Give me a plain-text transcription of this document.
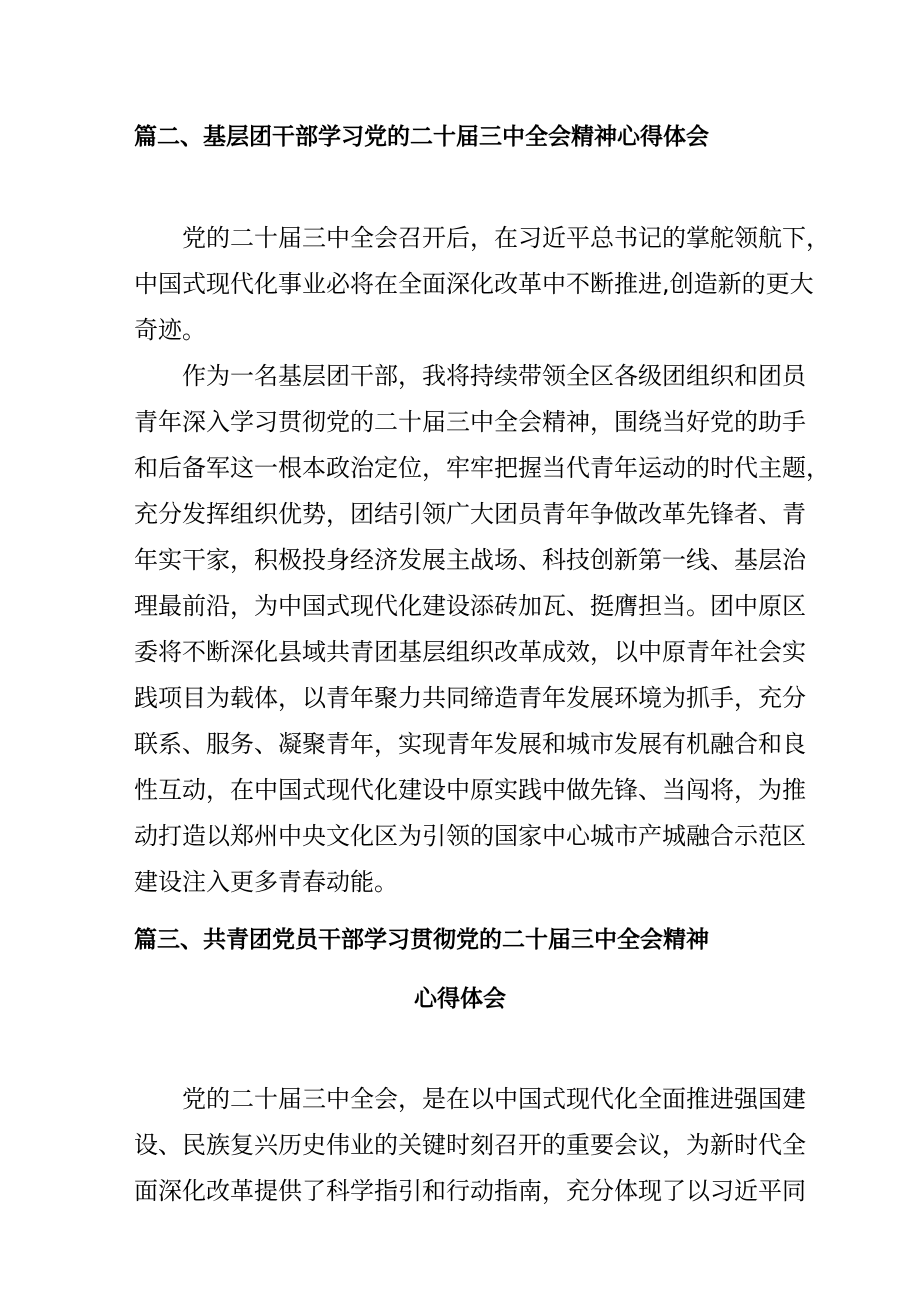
篇二、基层团干部学习党的二十届三中全会精神心得体会
党的二十届三中全会召开后，在习近平总书记的掌舵领航下，
中国式现代化事业必将在全面深化改革中不断推进,创造新的更大
奇迹。
作为一名基层团干部，我将持续带领全区各级团组织和团员
青年深入学习贯彻党的二十届三中全会精神，围绕当好党的助手
和后备军这一根本政治定位，牢牢把握当代青年运动的时代主题，
充分发挥组织优势，团结引领广大团员青年争做改革先锋者、青
年实干家，积极投身经济发展主战场、科技创新第一线、基层治
理最前沿，为中国式现代化建设添砖加瓦、挺膺担当。团中原区
委将不断深化县域共青团基层组织改革成效，以中原青年社会实
践项目为载体，以青年聚力共同缔造青年发展环境为抓手，充分
联系、服务、凝聚青年，实现青年发展和城市发展有机融合和良
性互动，在中国式现代化建设中原实践中做先锋、当闯将，为推
动打造以郑州中央文化区为引领的国家中心城市产城融合示范区
建设注入更多青春动能。
篇三、共青团党员干部学习贯彻党的二十届三中全会精神
心得体会
党的二十届三中全会，是在以中国式现代化全面推进强国建
设、民族复兴历史伟业的关键时刻召开的重要会议，为新时代全
面深化改革提供了科学指引和行动指南，充分体现了以习近平同
